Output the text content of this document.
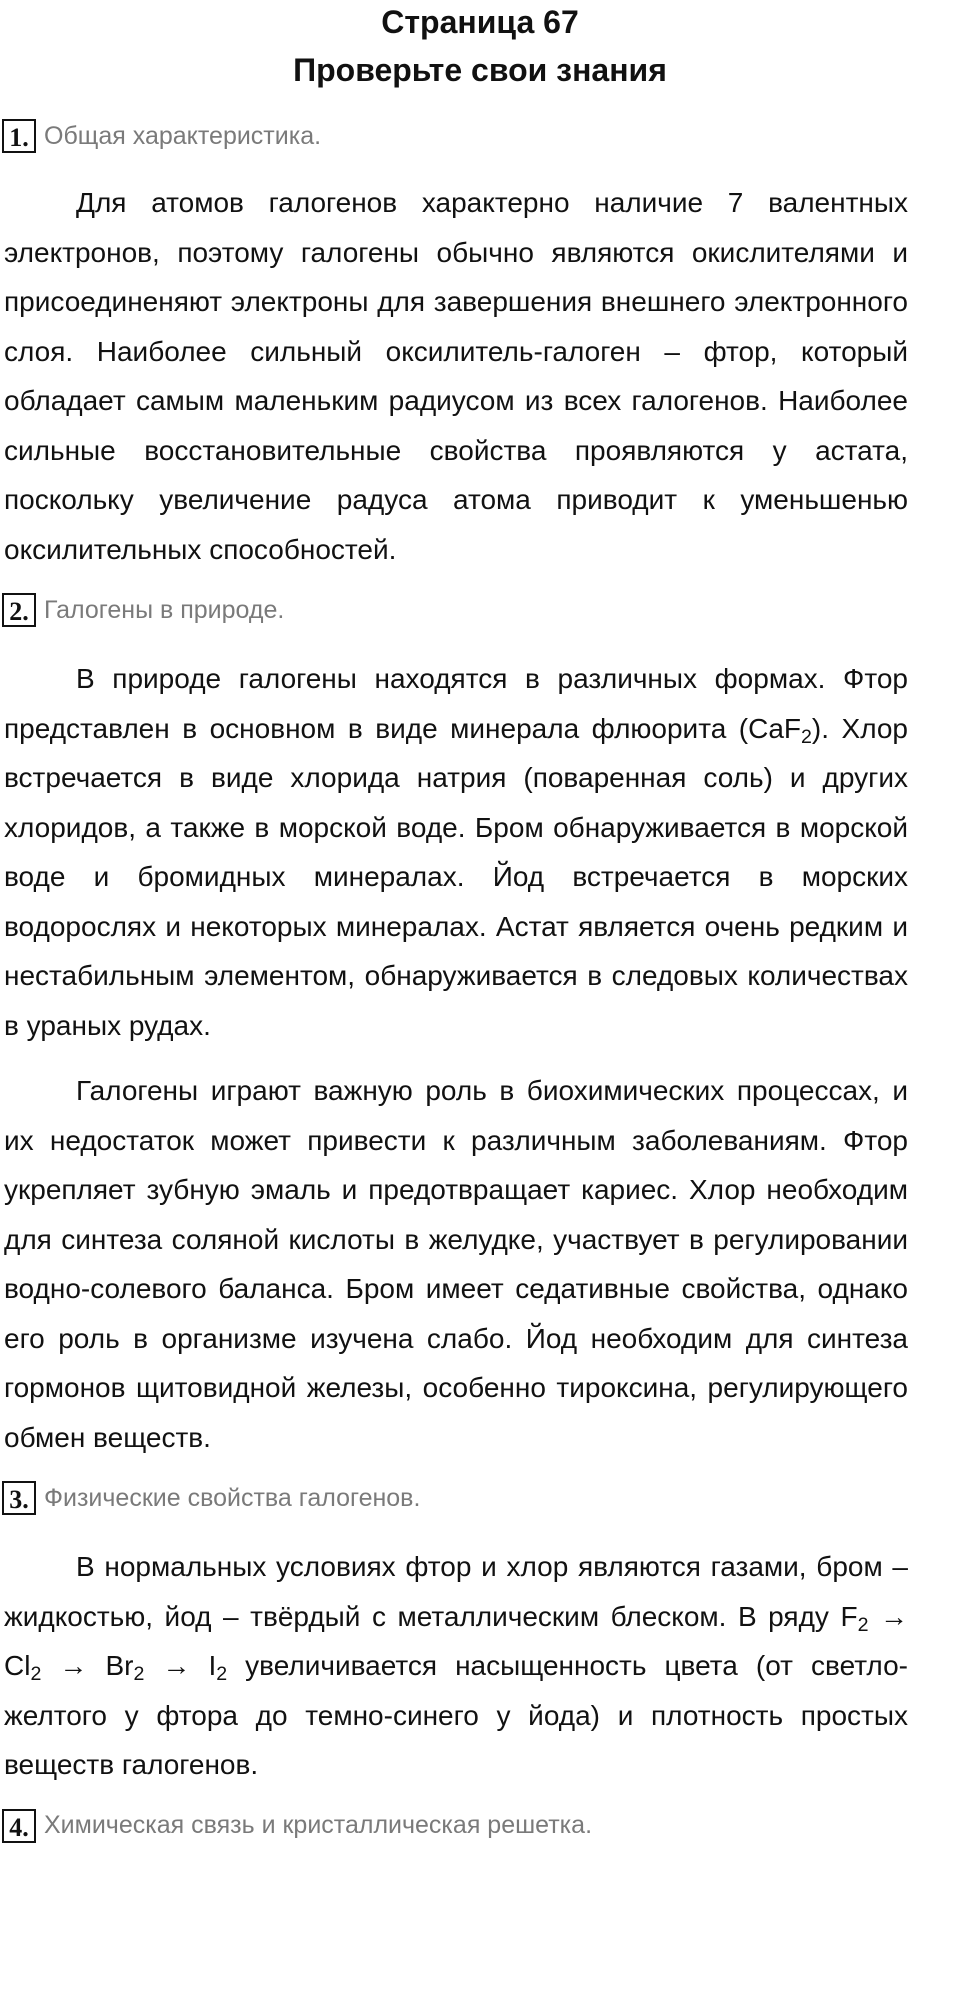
Страница 67
Проверьте свои знания
1. Общая характеристика.

Для атомов галогенов характерно наличие 7 валентных электронов, поэтому галогены обычно являются окислителями и присоединеняют электроны для завершения внешнего электронного слоя. Наиболее сильный оксилитель-галоген – фтор, который обладает самым маленьким радиусом из всех галогенов. Наиболее сильные восстановительные свойства проявляются у астата, поскольку увеличение радуса атома приводит к уменьшенью оксилительных способностей.

2. Галогены в природе.

В природе галогены находятся в различных формах. Фтор представлен в основном в виде минерала флюорита (CaF$_2$). Хлор встречается в виде хлорида натрия (поваренная соль) и других хлоридов, а также в морской воде. Бром обнаруживается в морской воде и бромидных минералах. Йод встречается в морских водорослях и некоторых минералах. Астат является очень редким и нестабильным элементом, обнаруживается в следовых количествах в ураных рудах.

Галогены играют важную роль в биохимических процессах, и их недостаток может привести к различным заболеваниям. Фтор укрепляет зубную эмаль и предотвращает кариес. Хлор необходим для синтеза соляной кислоты в желудке, участвует в регулировании водно-солевого баланса. Бром имеет седативные свойства, однако его роль в организме изучена слабо. Йод необходим для синтеза гормонов щитовидной железы, особенно тироксина, регулирующего обмен веществ.

3. Физические свойства галогенов.

В нормальных условиях фтор и хлор являются газами, бром – жидкостью, йод – твёрдый с металлическим блеском. В ряду $F_2 \to Cl_2 \to Br_2 \to I_2$ увеличивается насыщенность цвета (от светло-желтого у фтора до темно-синего у йода) и плотность простых веществ галогенов.

4. Химическая связь и кристаллическая решетка.
